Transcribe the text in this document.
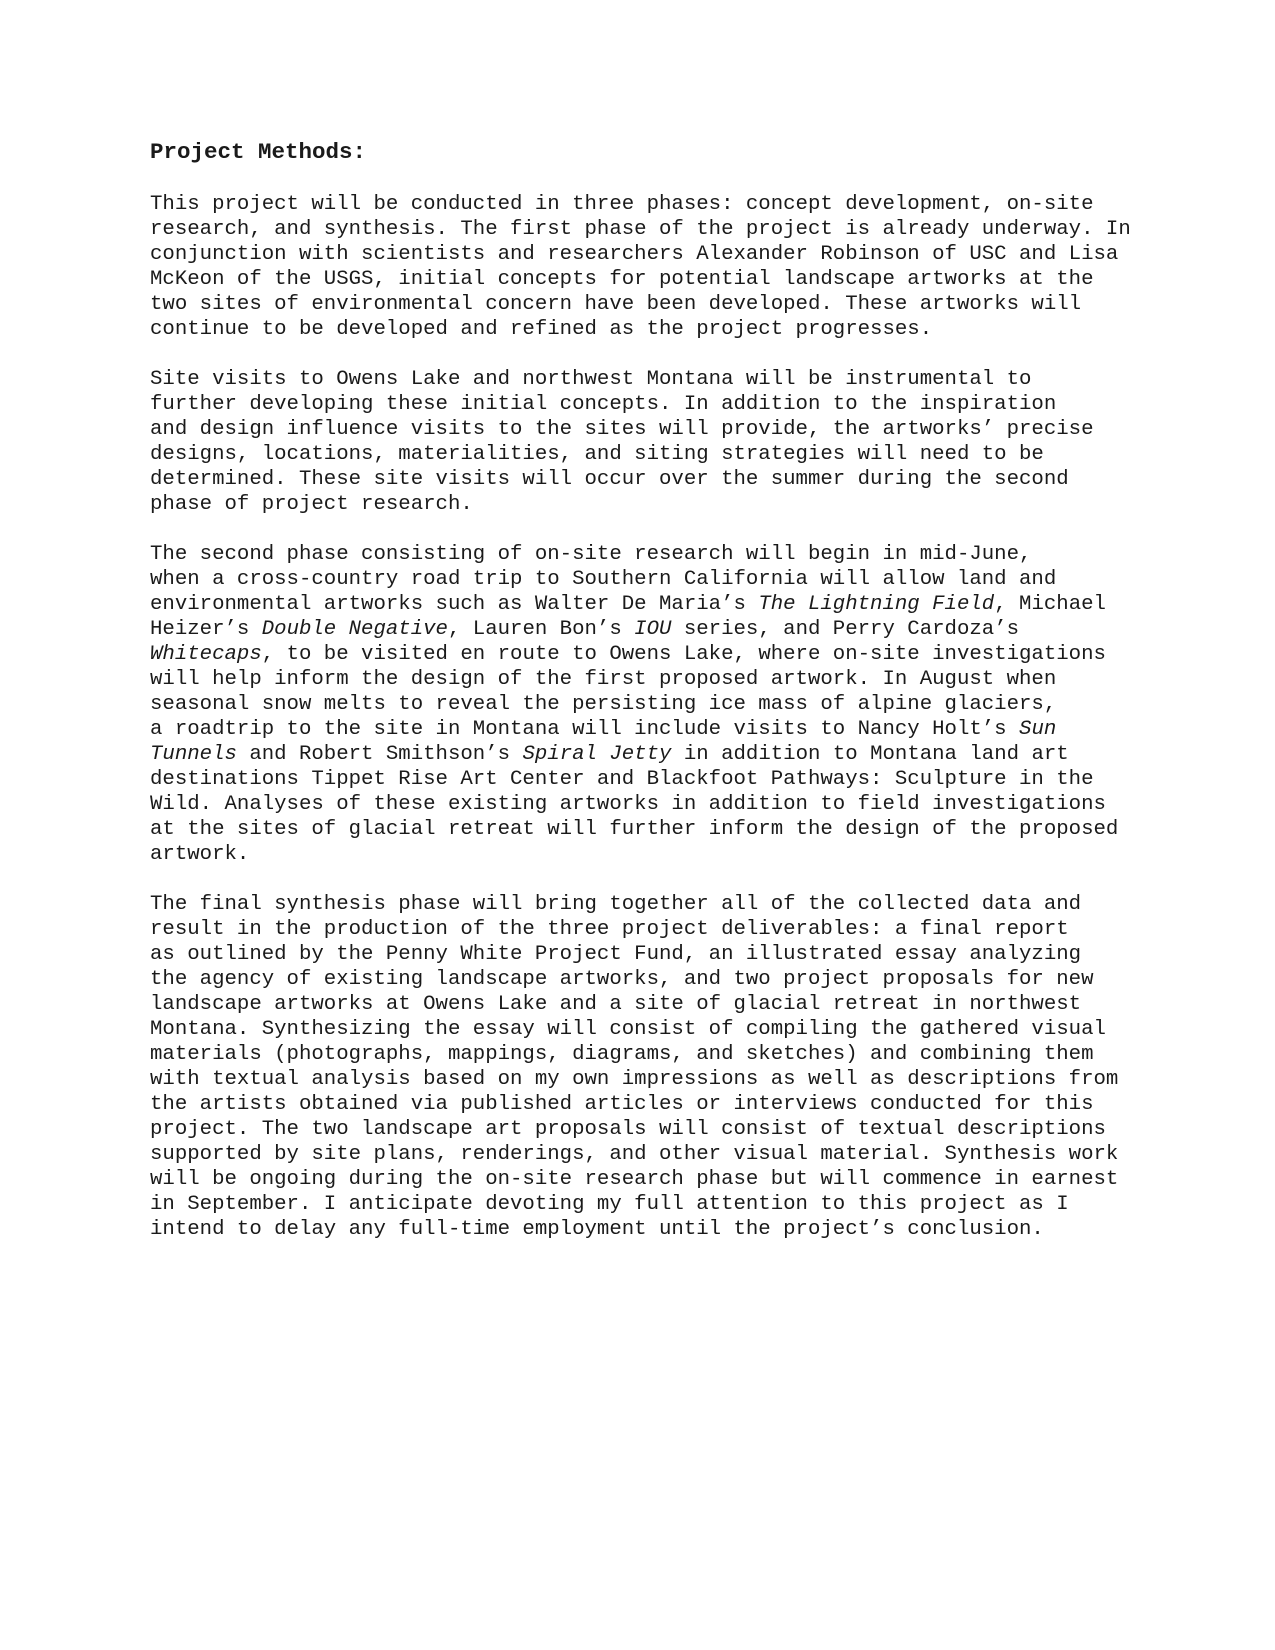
Project Methods:
This project will be conducted in three phases: concept development, on-site
research, and synthesis. The first phase of the project is already underway. In
conjunction with scientists and researchers Alexander Robinson of USC and Lisa
McKeon of the USGS, initial concepts for potential landscape artworks at the
two sites of environmental concern have been developed. These artworks will
continue to be developed and refined as the project progresses.
Site visits to Owens Lake and northwest Montana will be instrumental to
further developing these initial concepts. In addition to the inspiration
and design influence visits to the sites will provide, the artworks’ precise
designs, locations, materialities, and siting strategies will need to be
determined. These site visits will occur over the summer during the second
phase of project research.
The second phase consisting of on-site research will begin in mid-June,
when a cross-country road trip to Southern California will allow land and
environmental artworks such as Walter De Maria’s The Lightning Field, Michael
Heizer’s Double Negative, Lauren Bon’s IOU series, and Perry Cardoza’s
Whitecaps, to be visited en route to Owens Lake, where on-site investigations
will help inform the design of the first proposed artwork. In August when
seasonal snow melts to reveal the persisting ice mass of alpine glaciers,
a roadtrip to the site in Montana will include visits to Nancy Holt’s Sun
Tunnels and Robert Smithson’s Spiral Jetty in addition to Montana land art
destinations Tippet Rise Art Center and Blackfoot Pathways: Sculpture in the
Wild. Analyses of these existing artworks in addition to field investigations
at the sites of glacial retreat will further inform the design of the proposed
artwork.
The final synthesis phase will bring together all of the collected data and
result in the production of the three project deliverables: a final report
as outlined by the Penny White Project Fund, an illustrated essay analyzing
the agency of existing landscape artworks, and two project proposals for new
landscape artworks at Owens Lake and a site of glacial retreat in northwest
Montana. Synthesizing the essay will consist of compiling the gathered visual
materials (photographs, mappings, diagrams, and sketches) and combining them
with textual analysis based on my own impressions as well as descriptions from
the artists obtained via published articles or interviews conducted for this
project. The two landscape art proposals will consist of textual descriptions
supported by site plans, renderings, and other visual material. Synthesis work
will be ongoing during the on-site research phase but will commence in earnest
in September. I anticipate devoting my full attention to this project as I
intend to delay any full-time employment until the project’s conclusion.
